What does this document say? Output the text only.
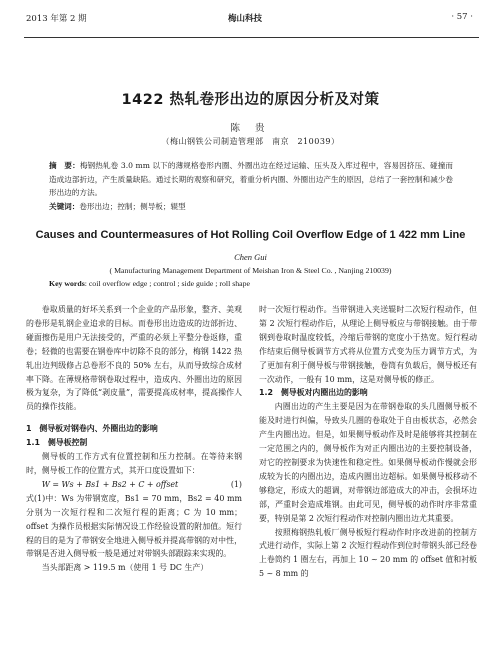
2013 年第 2 期	梅山科技	· 57 ·
1422 热轧卷形出边的原因分析及对策
陈 贵
（梅山钢铁公司制造管理部　南京　210039）
摘　要：梅钢热轧卷 3.0 mm 以下的薄规格卷形内圈、外圈出边在经过运输、压头及入库过程中，容易因挤压、碰撞而造成边部折边，产生质量缺陷。通过长期的观察和研究，着重分析内圈、外圈出边产生的原因，总结了一套控制和减少卷形出边的方法。
关键词：卷形出边；控制；侧导板；辊型
Causes and Countermeasures of Hot Rolling Coil Overflow Edge of 1 422 mm Line
Chen Gui
( Manufacturing Management Department of Meishan Iron & Steel Co. , Nanjing 210039)
Key words: coil overflow edge ; control ; side guide ; roll shape

卷取质量的好坏关系到一个企业的产品形象，整齐、美观的卷形是轧钢企业追求的目标。而卷形出边造成的边部折边、碰面擦伤是用户无法接受的，严重的必须上平整分卷返修，重卷；轻微的也需要在钢卷库中切除不良的部分，梅钢 1422 热轧出边判级修占总卷形不良的 50% 左右，从而导致综合成材率下降。在薄规格带钢卷取过程中，造成内、外圈出边的原因极为复杂，为了降低“剥皮量”，需要提高成材率，提高操作人员的操作技能。

1　侧导板对钢卷内、外圈出边的影响

1.1　侧导板控制

侧导板的工作方式有位置控制和压力控制。在等待来钢时，侧导板工作的位置方式，其开口度设置如下：

W = Ws + Bs1 + Bs2 + C + offset	(1)

式(1)中：Ws 为带钢宽度，Bs1 = 70 mm，Bs2 = 40 mm 分别为一次短行程和二次短行程的距离；C 为 10 mm；offset 为操作员根据实际情况设工作经验设置的附加值。短行程的目的是为了带钢安全地进入侧导板并提高带钢的对中性，带钢是否进入侧导板一般是通过对带钢头部跟踪来实现的。

当头部距离 > 119.5 m（使用 1 号 DC 生产）

时一次短行程动作。当带钢进入夹送辊时二次短行程动作，但第 2 次短行程动作后，从理论上侧导板应与带钢接触。由于带钢到卷取时温度较低，冷缩后带钢的宽度小于热宽。短行程动作结束后侧导板调节方式将从位置方式变为压力调节方式，为了更加有利于侧导板与带钢接触，卷筒有负载后，侧导板还有一次动作，一般有 10 mm，这是对侧导板的修正。

1.2　侧导板对内圈出边的影响

内圈出边的产生主要是因为在带钢卷取的头几圈侧导板不能及时进行纠偏，导致头几圈的卷取处于自由板状态，必然会产生内圈出边。但是，如果侧导板动作及时是能够将其控制在一定范围之内的，侧导板作为对正内圈出边的主要控制设备，对它的控制要求为快速性和稳定性。如果侧导板动作慢就会形成较为长的内圈出边，造成内圈出边超标。如果侧导板移动不够稳定，形成大的超调，对带钢边部造成大的冲击，会损坏边部，严重时会造成堆钢。由此可见，侧导板的动作时序非常重要，特别是第 2 次短行程动作对控制内圈出边尤其重要。

按照梅钢热轧板厂侧导板短行程动作时序改进前的控制方式进行动作，实际上第 2 次短行程动作到位时带钢头部已经卷上卷筒约 1 圈左右，再加上 10 ~ 20 mm 的 offset 值和衬板 5 ~ 8 mm 的
